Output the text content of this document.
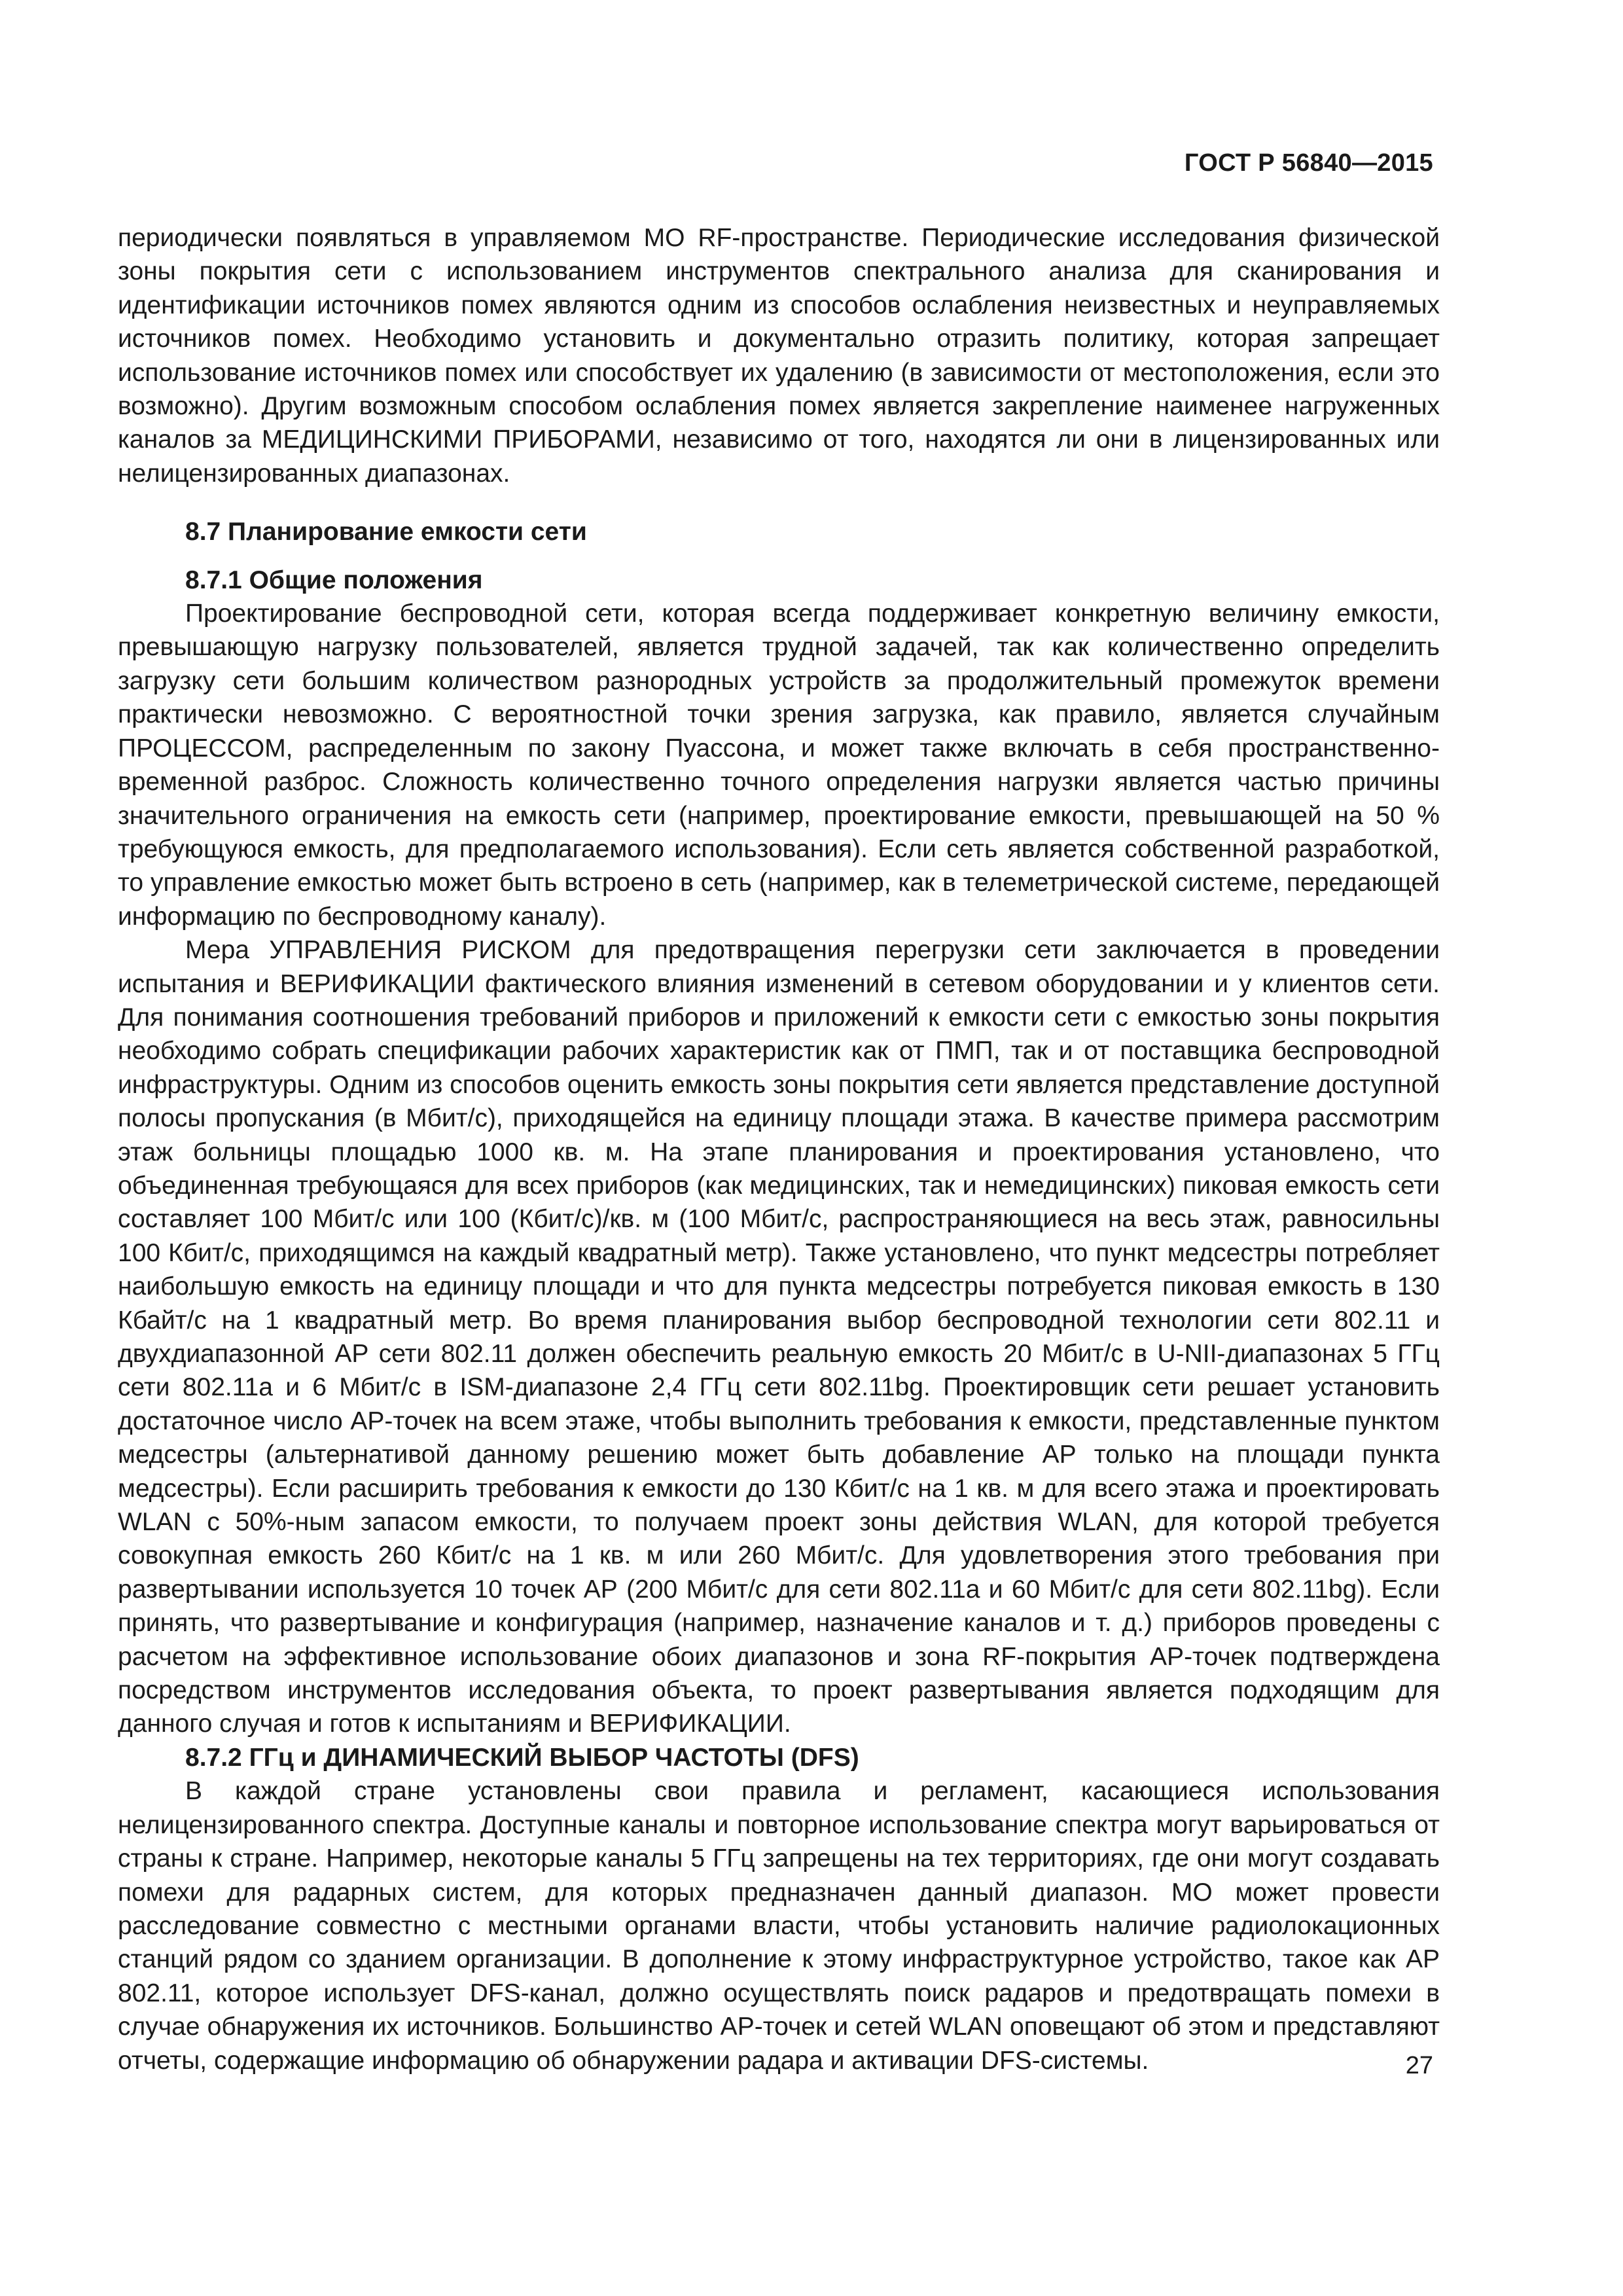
ГОСТ Р 56840—2015

периодически появляться в управляемом МО RF-пространстве. Периодические исследования физической зоны покрытия сети с использованием инструментов спектрального анализа для сканирования и идентификации источников помех являются одним из способов ослабления неизвестных и неуправляемых источников помех. Необходимо установить и документально отразить политику, которая запрещает использование источников помех или способствует их удалению (в зависимости от местоположения, если это возможно). Другим возможным способом ослабления помех является закрепление наименее нагруженных каналов за МЕДИЦИНСКИМИ ПРИБОРАМИ, независимо от того, находятся ли они в лицензированных или нелицензированных диапазонах.

8.7 Планирование емкости сети
8.7.1 Общие положения

Проектирование беспроводной сети, которая всегда поддерживает конкретную величину емкости, превышающую нагрузку пользователей, является трудной задачей, так как количественно определить загрузку сети большим количеством разнородных устройств за продолжительный промежуток времени практически невозможно. С вероятностной точки зрения загрузка, как правило, является случайным ПРОЦЕССОМ, распределенным по закону Пуассона, и может также включать в себя пространственно-временной разброс. Сложность количественно точного определения нагрузки является частью причины значительного ограничения на емкость сети (например, проектирование емкости, превышающей на 50 % требующуюся емкость, для предполагаемого использования). Если сеть является собственной разработкой, то управление емкостью может быть встроено в сеть (например, как в телеметрической системе, передающей информацию по беспроводному каналу).

Мера УПРАВЛЕНИЯ РИСКОМ для предотвращения перегрузки сети заключается в проведении испытания и ВЕРИФИКАЦИИ фактического влияния изменений в сетевом оборудовании и у клиентов сети. Для понимания соотношения требований приборов и приложений к емкости сети с емкостью зоны покрытия необходимо собрать спецификации рабочих характеристик как от ПМП, так и от поставщика беспроводной инфраструктуры. Одним из способов оценить емкость зоны покрытия сети является представление доступной полосы пропускания (в Мбит/с), приходящейся на единицу площади этажа. В качестве примера рассмотрим этаж больницы площадью 1000 кв. м. На этапе планирования и проектирования установлено, что объединенная требующаяся для всех приборов (как медицинских, так и немедицинских) пиковая емкость сети составляет 100 Мбит/с или 100 (Кбит/с)/кв. м (100 Мбит/с, распространяющиеся на весь этаж, равносильны 100 Кбит/с, приходящимся на каждый квадратный метр). Также установлено, что пункт медсестры потребляет наибольшую емкость на единицу площади и что для пункта медсестры потребуется пиковая емкость в 130 Кбайт/с на 1 квадратный метр. Во время планирования выбор беспроводной технологии сети 802.11 и двухдиапазонной АР сети 802.11 должен обеспечить реальную емкость 20 Мбит/с в U-NII-диапазонах 5 ГГц сети 802.11a и 6 Мбит/с в ISM-диапазоне 2,4 ГГц сети 802.11bg. Проектировщик сети решает установить достаточное число АР-точек на всем этаже, чтобы выполнить требования к емкости, представленные пунктом медсестры (альтернативой данному решению может быть добавление АР только на площади пункта медсестры). Если расширить требования к емкости до 130 Кбит/с на 1 кв. м для всего этажа и проектировать WLAN с 50%-ным запасом емкости, то получаем проект зоны действия WLAN, для которой требуется совокупная емкость 260 Кбит/с на 1 кв. м или 260 Мбит/с. Для удовлетворения этого требования при развертывании используется 10 точек АР (200 Мбит/с для сети 802.11a и 60 Мбит/с для сети 802.11bg). Если принять, что развертывание и конфигурация (например, назначение каналов и т. д.) приборов проведены с расчетом на эффективное использование обоих диапазонов и зона RF-покрытия АР-точек подтверждена посредством инструментов исследования объекта, то проект развертывания является подходящим для данного случая и готов к испытаниям и ВЕРИФИКАЦИИ.

8.7.2 ГГц и ДИНАМИЧЕСКИЙ ВЫБОР ЧАСТОТЫ (DFS)

В каждой стране установлены свои правила и регламент, касающиеся использования нелицензированного спектра. Доступные каналы и повторное использование спектра могут варьироваться от страны к стране. Например, некоторые каналы 5 ГГц запрещены на тех территориях, где они могут создавать помехи для радарных систем, для которых предназначен данный диапазон. МО может провести расследование совместно с местными органами власти, чтобы установить наличие радиолокационных станций рядом со зданием организации. В дополнение к этому инфраструктурное устройство, такое как АР 802.11, которое использует DFS-канал, должно осуществлять поиск радаров и предотвращать помехи в случае обнаружения их источников. Большинство АР-точек и сетей WLAN оповещают об этом и представляют отчеты, содержащие информацию об обнаружении радара и активации DFS-системы.	27
